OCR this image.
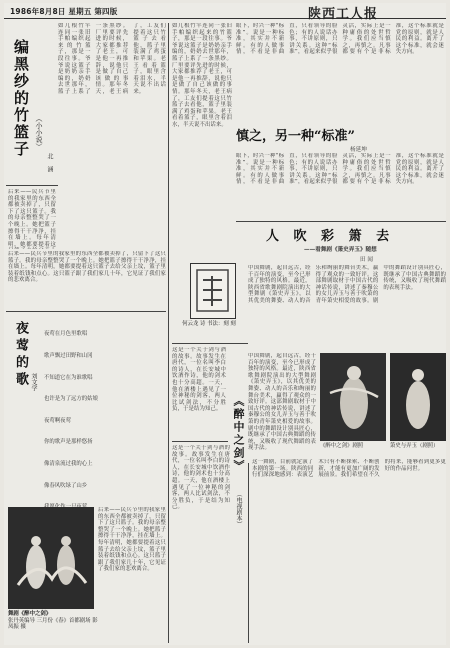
1986年8月8日 星期五 第四版	陕西工人报
编黑纱的竹篮子 （小小说）
北 涵
如几根竹竿连同一张旧手帕编织起来的竹篮子，那是一段往事。爷爷说这篮子是奶奶亲手编的，奶奶去世那年，篮子上系了一条黑纱。厂里要评先进的时候，大家都推荐了老王，可是他一再推辞，说他只是做了自己该做的事情。那年冬天，老王病了，工友们提着这只竹篮子去看他，篮子里装满了鸡蛋和苹果。老王看着篮子，眼里含着泪水，半天说不出话来。
后来——民兵节里的我家里的东西全都被卖掉了，只留下了这只篮子。我的母亲整整哭了一个晚上。她把篮子擦得干干净净，挂在墙上。每年清明，她都要提着这只篮子去给父亲上坟，篮子里装着纸钱和点心。这只篮子跟了我们家几十年，它见证了我们家的悲欢离合。
后来——民兵节里的我家里的东西全都被卖掉了，只留下了这只篮子。我的母亲整整哭了一个晚上。她把篮子擦得干干净净，挂在墙上。每年清明，她都要提着这
夜莺的歌 刘文学

夜莺在月色里歌唱

歌声飘过田野和山冈

不知道它在为谁歌唱

也许是为了远方的姑娘

夜莺啊夜莺

你的歌声是那样悠扬

像清泉流过我的心上

像春风吹绿了山乡

舞剧《醉中之剑》
张丹英编导 三月份《春》首都剧场 影凤振 摄
后来——民兵节里的我家里的东西全都被卖掉了，只留下了这只篮子。我的母亲整整哭了一个晚上。她把篮子擦得干干净净，挂在墙上。每年清明，她都要提着这只篮子去给父亲上坟，篮子里装着纸钱和点心。这只篮子跟了我们家几十年，它见证了我们家的悲欢离合。
如几根竹竿连同一张旧手帕编织起来的竹篮子，那是一段往事。爷爷说这篮子是奶奶亲手编的，奶奶去世那年，篮子上系了一条黑纱。厂里要评先进的时候，大家都推荐了老王，可是他一再推辞，说他只是做了自己该做的事情。那年冬天，老王病了，工友们提着这只竹篮子去看他，篮子里装满了鸡蛋和苹果。老王看着篮子，眼里含着泪水，半天说不出话来。
慎之，另一种“标准”
杨延坤
眼下，时兴一种“标准”。说是一种标准，其实并不新鲜。有的人做事情，不看是非曲直，只看领导的脸色；有的人说话办事，不讲原则，只讲关系。这种“标准”，看起来似乎很灵活，实际上是一种庸俗的处世哲学。我们应当慎之，再慎之。凡事都要有个是非标准，这个标准就是党的原则，就是人民的利益。离开了这个标准，就会迷失方向。
眼下，时兴一种“标准”。说是一种标准，其实并不新鲜。有的人做事情，不看是非曲直，只看领导的脸色；有的人说话办事，不讲原则，只讲关系。这种“标准”，看起来似乎很灵活，实际上是一种庸俗的处世哲学。我们应当慎之，再慎之。凡事都要有个是非标准，这个标准就是党的原则，就是人民的利益。离开了这个标准，就会迷失方向。
何云龙 诗 书法：刻 刻
人 吹 彩 箫 去
——看舞剧《箫史弄玉》随想
田 闻
中国舞剧，起自远古，经千百年的演变，至今已形成了独特的风格。最近，陕西省歌舞剧院演出的大型舞剧《箫史弄玉》，以其优美的舞姿、动人的音乐和绚丽的舞台美术，赢得了观众的一致好评。这部舞剧取材于中国古代的神话传说，讲述了秦穆公的女儿弄玉与善于吹箫的青年箫史相爱的故事。剧中的舞蹈设计别具匠心，既继承了中国古典舞蹈的传统，又吸收了现代舞蹈的表现手法。
《醉中之剑》剧照	箫史与弄玉（剧照）
中国舞剧，起自远古，经千百年的演变，至今已形成了独特的风格。最近，陕西省歌舞剧院演出的大型舞剧《箫史弄玉》，以其优美的舞姿、动人的音乐和绚丽的舞台美术，赢得了观众的一致好评。这部舞剧取材于中国古代的神话传说，讲述了秦穆公的女儿弄玉与善于吹箫的青年箫史相爱的故事。剧中的舞蹈设计别具匠心，既继承了中国古典舞蹈的传统，又吸收了现代舞蹈的表现手法。
这是一个关于剑与酒的故事。故事发生在唐代，一位名叫李白的诗人，在长安城中饮酒作诗，他的剑术也十分高超。一天，他在酒楼上遇见了一位神秘的剑客，两人比试剑法，不分胜负，于是结为知己。 《醉中之剑》
（电视剧本）
这是一个关于剑与酒的故事。故事发生在唐代，一位名叫李白的诗人，在长安城中饮酒作诗，他的剑术也十分高超。一天，他在酒楼上遇见了一位神秘的剑客，两人比试剑法，不分胜负，于是结为知己。
这一舞剧，目前就定演了本剧的第一场。陕西的同行们深深地感到：表演艺术只有不断探索、不断创新，才能有更加广阔的发展前景。我们希望在不久的将来，能够看到更多更好的作品问世。
